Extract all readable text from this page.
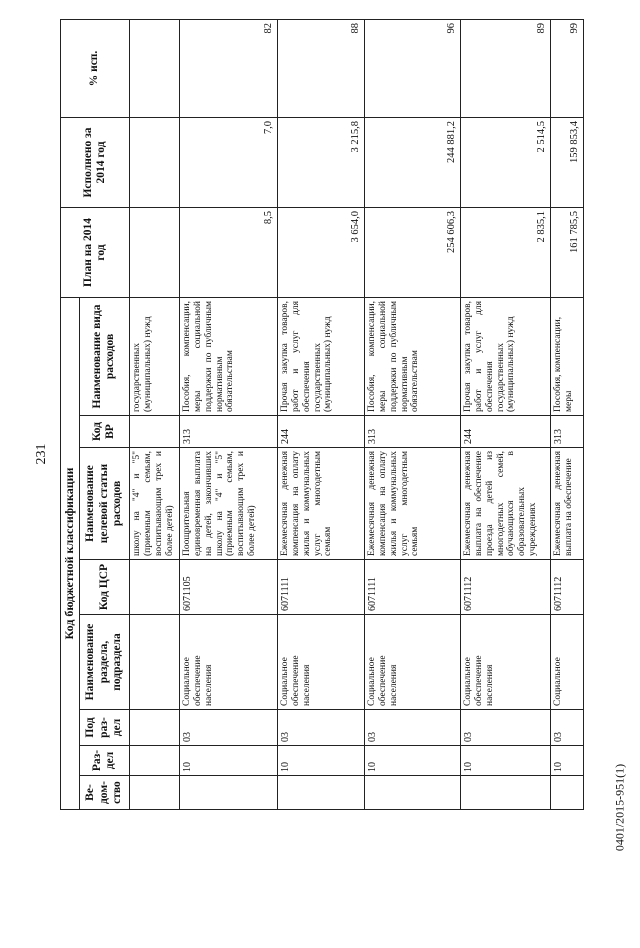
231
Код бюджетной классификации								План на 2014 год	Исполнено за 2014 год	% исп.
Ве-дом-ство	Раз-дел	Под раз-дел	Наименование раздела, подраздела	Код ЦСР	Наименование целевой статьи расходов	Код ВР	Наименование вида расходов			
					школу на "4" и "5" (приемным семьям, воспитывающим трех и более детей)		государственных (муниципальных) нужд			
	10	03	Социальное обеспечение населения	6071105	Поощрительная единовременная выплата на детей, закончивших школу на "4" и "5" (приемным семьям, воспитывающим трех и более детей)	313	Пособия, компенсации, меры социальной поддержки по публичным нормативным обязательствам	8,5	7,0	82
	10	03	Социальное обеспечение населения	6071111	Ежемесячная денежная компенсация на оплату жилья и коммунальных услуг многодетным семьям	244	Прочая закупка товаров, работ и услуг для обеспечения государственных (муниципальных) нужд	3 654,0	3 215,8	88
	10	03	Социальное обеспечение населения	6071111	Ежемесячная денежная компенсация на оплату жилья и коммунальных услуг многодетным семьям	313	Пособия, компенсации, меры социальной поддержки по публичным нормативным обязательствам	254 606,3	244 881,2	96
	10	03	Социальное обеспечение населения	6071112	Ежемесячная денежная выплата на обеспечение проезда детей из многодетных семей, обучающихся в образовательных учреждениях	244	Прочая закупка товаров, работ и услуг для обеспечения государственных (муниципальных) нужд	2 835,1	2 514,5	89
	10	03	Социальное	6071112	Ежемесячная денежная выплата на обеспечение	313	Пособия, компенсации, меры	161 785,5	159 853,4	99
0401/2015-951(1)
